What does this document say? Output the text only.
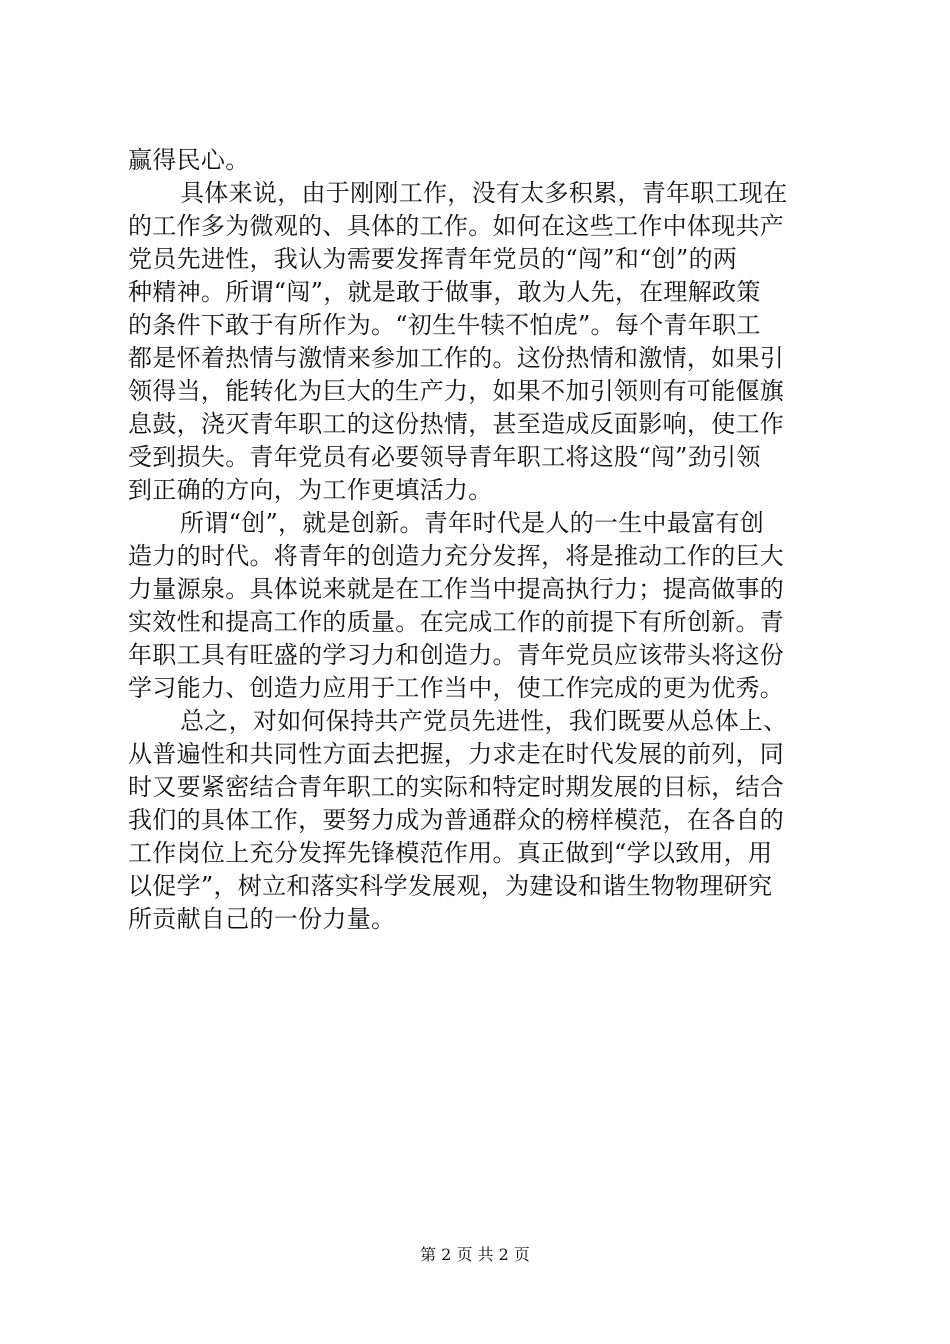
赢得民心。
具体来说，由于刚刚工作，没有太多积累，青年职工现在
的工作多为微观的、具体的工作。如何在这些工作中体现共产
党员先进性，我认为需要发挥青年党员的“闯”和“创”的两
种精神。所谓“闯”，就是敢于做事，敢为人先，在理解政策
的条件下敢于有所作为。“初生牛犊不怕虎”。每个青年职工
都是怀着热情与激情来参加工作的。这份热情和激情，如果引
领得当，能转化为巨大的生产力，如果不加引领则有可能偃旗
息鼓，浇灭青年职工的这份热情，甚至造成反面影响，使工作
受到损失。青年党员有必要领导青年职工将这股“闯”劲引领
到正确的方向，为工作更填活力。
所谓“创”，就是创新。青年时代是人的一生中最富有创
造力的时代。将青年的创造力充分发挥，将是推动工作的巨大
力量源泉。具体说来就是在工作当中提高执行力；提高做事的
实效性和提高工作的质量。在完成工作的前提下有所创新。青
年职工具有旺盛的学习力和创造力。青年党员应该带头将这份
学习能力、创造力应用于工作当中，使工作完成的更为优秀。
总之，对如何保持共产党员先进性，我们既要从总体上、
从普遍性和共同性方面去把握，力求走在时代发展的前列，同
时又要紧密结合青年职工的实际和特定时期发展的目标，结合
我们的具体工作，要努力成为普通群众的榜样模范，在各自的
工作岗位上充分发挥先锋模范作用。真正做到“学以致用，用
以促学”，树立和落实科学发展观，为建设和谐生物物理研究
所贡献自己的一份力量。
第 2 页 共 2 页
